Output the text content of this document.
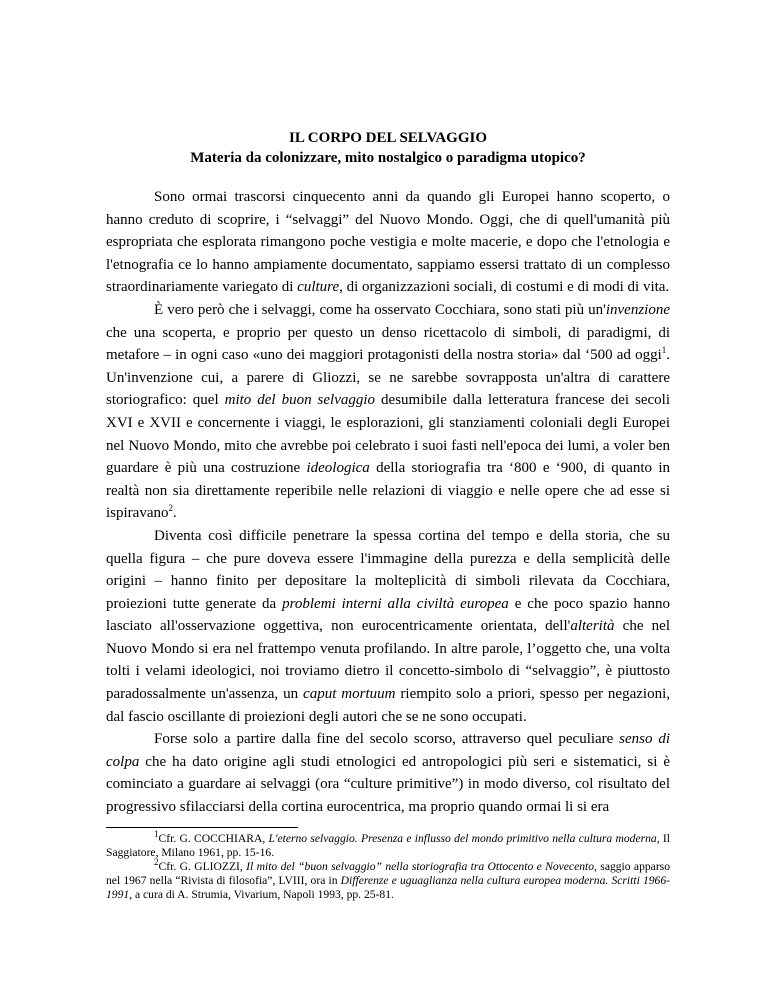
IL CORPO DEL SELVAGGIO

Materia da colonizzare, mito nostalgico o paradigma utopico?

Sono ormai trascorsi cinquecento anni da quando gli Europei hanno scoperto, o hanno creduto di scoprire, i “selvaggi” del Nuovo Mondo. Oggi, che di quell'umanità più espropriata che esplorata rimangono poche vestigia e molte macerie, e dopo che l'etnologia e l'etnografia ce lo hanno ampiamente documentato, sappiamo essersi trattato di un complesso straordinariamente variegato di culture, di organizzazioni sociali, di costumi e di modi di vita.

È vero però che i selvaggi, come ha osservato Cocchiara, sono stati più un'invenzione che una scoperta, e proprio per questo un denso ricettacolo di simboli, di paradigmi, di metafore – in ogni caso «uno dei maggiori protagonisti della nostra storia» dal ‘500 ad oggi$^1$. Un'invenzione cui, a parere di Gliozzi, se ne sarebbe sovrapposta un'altra di carattere storiografico: quel mito del buon selvaggio desumibile dalla letteratura francese dei secoli XVI e XVII e concernente i viaggi, le esplorazioni, gli stanziamenti coloniali degli Europei nel Nuovo Mondo, mito che avrebbe poi celebrato i suoi fasti nell'epoca dei lumi, a voler ben guardare è più una costruzione ideologica della storiografia tra ‘800 e ‘900, di quanto in realtà non sia direttamente reperibile nelle relazioni di viaggio e nelle opere che ad esse si ispiravano$^2$.

Diventa così difficile penetrare la spessa cortina del tempo e della storia, che su quella figura – che pure doveva essere l'immagine della purezza e della semplicità delle origini – hanno finito per depositare la molteplicità di simboli rilevata da Cocchiara, proiezioni tutte generate da problemi interni alla civiltà europea e che poco spazio hanno lasciato all'osservazione oggettiva, non eurocentricamente orientata, dell'alterità che nel Nuovo Mondo si era nel frattempo venuta profilando. In altre parole, l’oggetto che, una volta tolti i velami ideologici, noi troviamo dietro il concetto-simbolo di “selvaggio”, è piuttosto paradossalmente un'assenza, un caput mortuum riempito solo a priori, spesso per negazioni, dal fascio oscillante di proiezioni degli autori che se ne sono occupati.

Forse solo a partire dalla fine del secolo scorso, attraverso quel peculiare senso di colpa che ha dato origine agli studi etnologici ed antropologici più seri e sistematici, si è cominciato a guardare ai selvaggi (ora “culture primitive”) in modo diverso, col risultato del progressivo sfilacciarsi della cortina eurocentrica, ma proprio quando ormai li si era

$^1$Cfr. G. COCCHIARA, L'eterno selvaggio. Presenza e influsso del mondo primitivo nella cultura moderna, Il Saggiatore, Milano 1961, pp. 15-16.

$^2$Cfr. G. GLIOZZI, Il mito del “buon selvaggio” nella storiografia tra Ottocento e Novecento, saggio apparso nel 1967 nella “Rivista di filosofia”, LVIII, ora in Differenze e uguaglianza nella cultura europea moderna. Scritti 1966-1991, a cura di A. Strumia, Vivarium, Napoli 1993, pp. 25-81.
